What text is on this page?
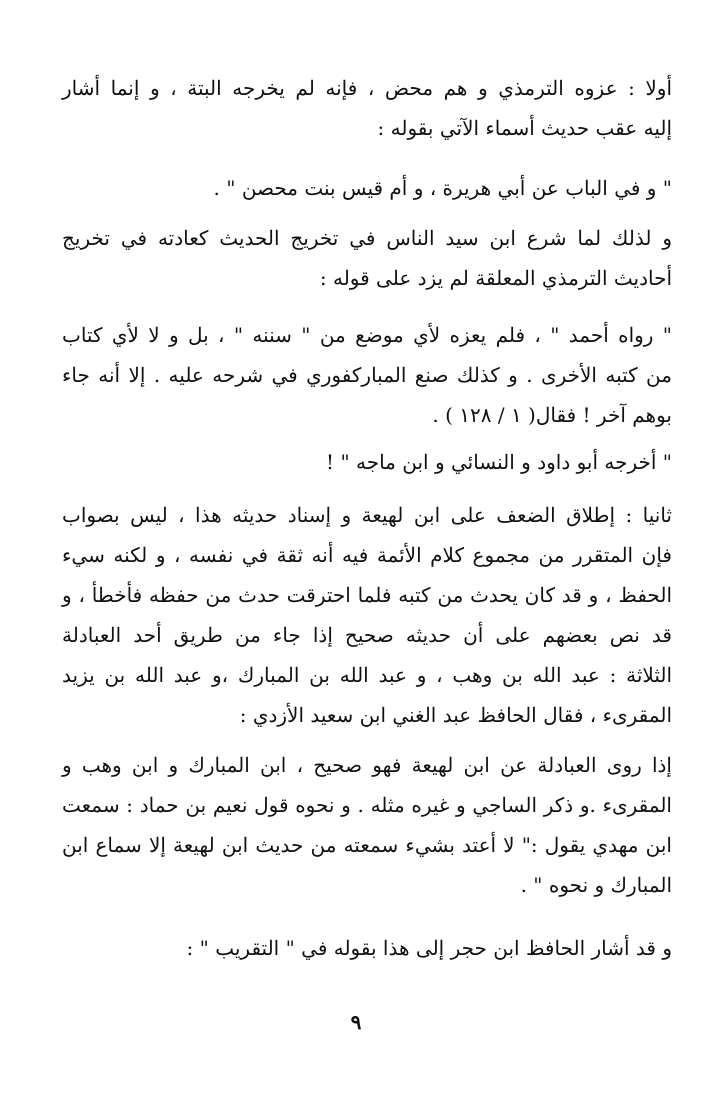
أولا : عزوه الترمذي و هم محض ، فإنه لم يخرجه البتة ، و إنما أشار
إليه عقب حديث أسماء الآتي بقوله :

" و في الباب عن أبي هريرة ، و أم قيس بنت محصن " .

و لذلك لما شرع ابن سيد الناس في تخريج الحديث كعادته في تخريج
أحاديث الترمذي المعلقة لم يزد على قوله :

" رواه أحمد " ، فلم يعزه لأي موضع من " سننه " ، بل و لا لأي كتاب
من كتبه الأخرى . و كذلك صنع المباركفوري في شرحه عليه . إلا أنه جاء
بوهم آخر ! فقال( ١ / ١٢٨ ) .

" أخرجه أبو داود و النسائي و ابن ماجه " !

ثانيا : إطلاق الضعف على ابن لهيعة و إسناد حديثه هذا ، ليس بصواب
فإن المتقرر من مجموع كلام الأئمة فيه أنه ثقة في نفسه ، و لكنه سيء
الحفظ ، و قد كان يحدث من كتبه فلما احترقت حدث من حفظه فأخطأ ، و
قد نص بعضهم على أن حديثه صحيح إذا جاء من طريق أحد العبادلة
الثلاثة : عبد الله بن وهب ، و عبد الله بن المبارك ،و عبد الله بن يزيد
المقرىء ، فقال الحافظ عبد الغني ابن سعيد الأزدي :

إذا روى العبادلة عن ابن لهيعة فهو صحيح ، ابن المبارك و ابن وهب و
المقرىء .و ذكر الساجي و غيره مثله . و نحوه قول نعيم بن حماد : سمعت
ابن مهدي يقول :" لا أعتد بشيء سمعته من حديث ابن لهيعة إلا سماع ابن
المبارك و نحوه " .

و قد أشار الحافظ ابن حجر إلى هذا بقوله في " التقريب " :

٩
